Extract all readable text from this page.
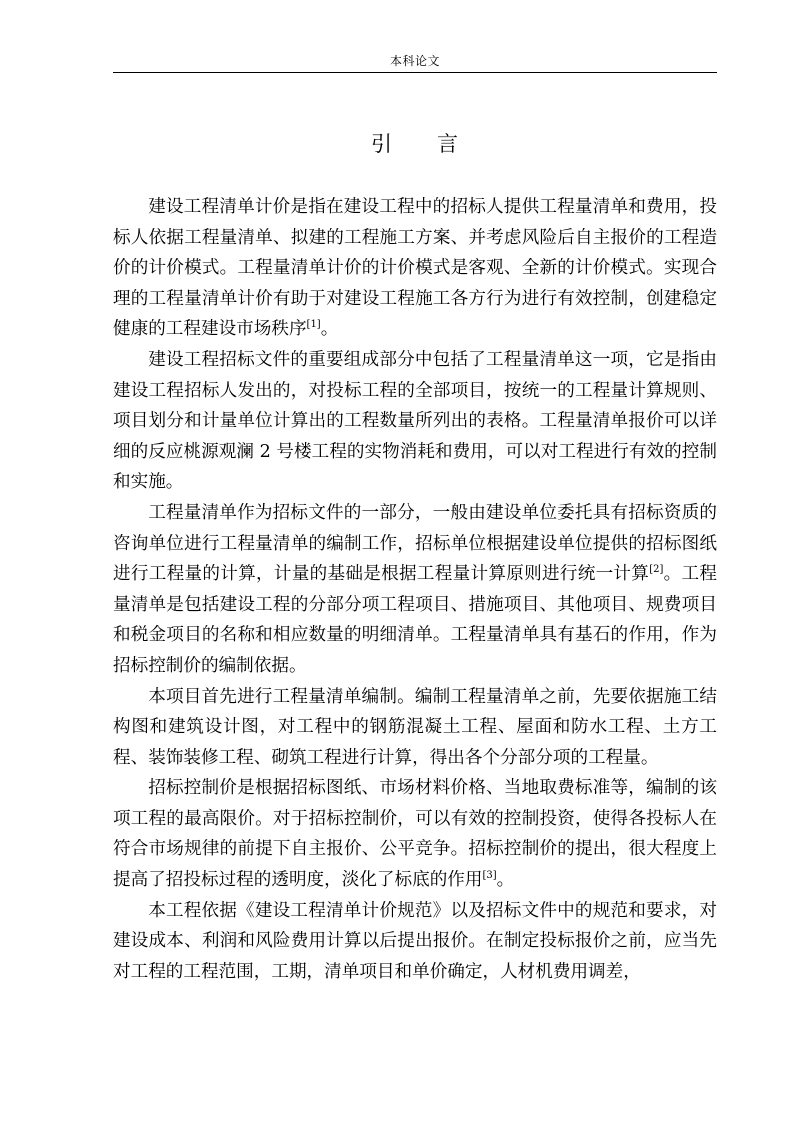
本科论文
引 言

建设工程清单计价是指在建设工程中的招标人提供工程量清单和费用，投标人依据工程量清单、拟建的工程施工方案、并考虑风险后自主报价的工程造价的计价模式。工程量清单计价的计价模式是客观、全新的计价模式。实现合理的工程量清单计价有助于对建设工程施工各方行为进行有效控制，创建稳定健康的工程建设市场秩序[1]。

建设工程招标文件的重要组成部分中包括了工程量清单这一项，它是指由建设工程招标人发出的，对投标工程的全部项目，按统一的工程量计算规则、项目划分和计量单位计算出的工程数量所列出的表格。工程量清单报价可以详细的反应桃源观澜 2 号楼工程的实物消耗和费用，可以对工程进行有效的控制和实施。

工程量清单作为招标文件的一部分，一般由建设单位委托具有招标资质的咨询单位进行工程量清单的编制工作，招标单位根据建设单位提供的招标图纸进行工程量的计算，计量的基础是根据工程量计算原则进行统一计算[2]。工程量清单是包括建设工程的分部分项工程项目、措施项目、其他项目、规费项目和税金项目的名称和相应数量的明细清单。工程量清单具有基石的作用，作为招标控制价的编制依据。

本项目首先进行工程量清单编制。编制工程量清单之前，先要依据施工结构图和建筑设计图，对工程中的钢筋混凝土工程、屋面和防水工程、土方工程、装饰装修工程、砌筑工程进行计算，得出各个分部分项的工程量。

招标控制价是根据招标图纸、市场材料价格、当地取费标准等，编制的该项工程的最高限价。对于招标控制价，可以有效的控制投资，使得各投标人在符合市场规律的前提下自主报价、公平竞争。招标控制价的提出，很大程度上提高了招投标过程的透明度，淡化了标底的作用[3]。

本工程依据《建设工程清单计价规范》以及招标文件中的规范和要求，对建设成本、利润和风险费用计算以后提出报价。在制定投标报价之前，应当先对工程的工程范围，工期，清单项目和单价确定，人材机费用调差，
